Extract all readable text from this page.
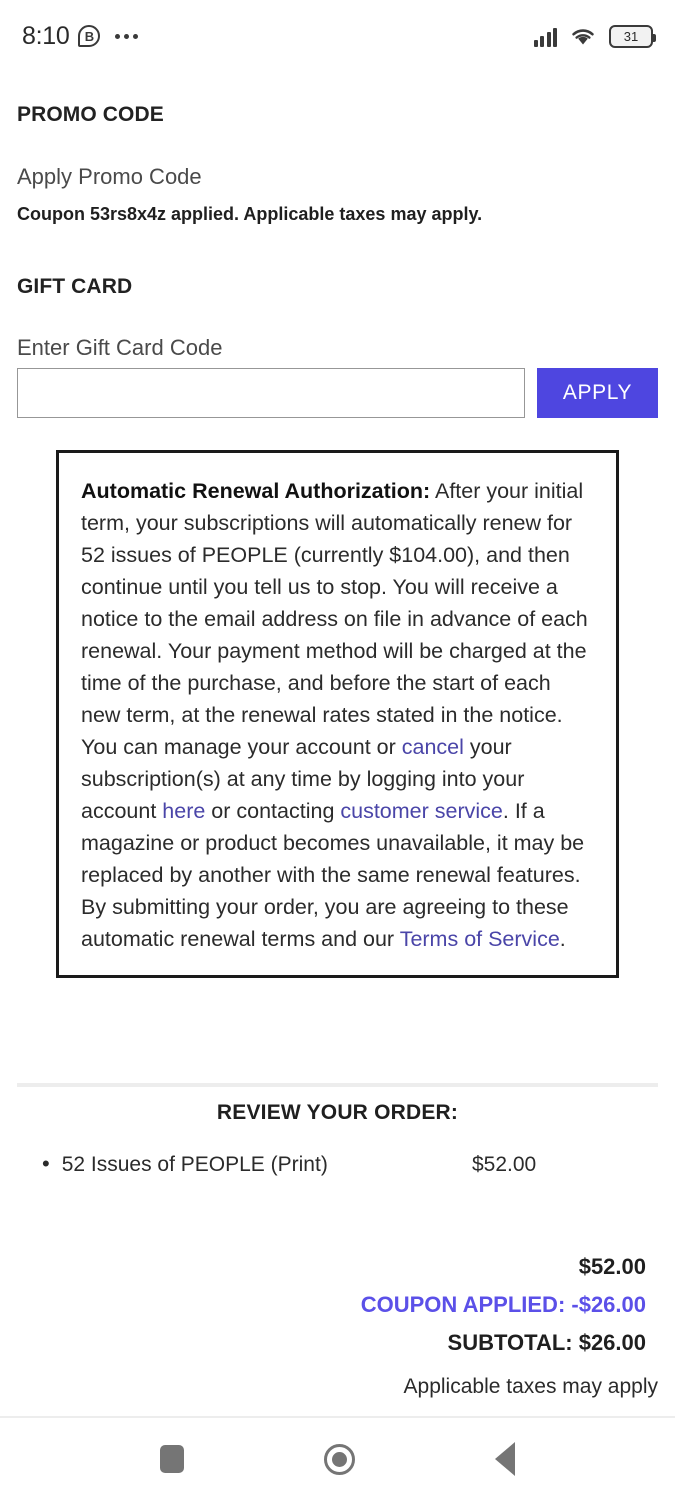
8:10	B	31
PROMO CODE

Apply Promo Code

Coupon 53rs8x4z applied. Applicable taxes may apply.

GIFT CARD

Enter Gift Card Code

APPLY

Automatic Renewal Authorization: After your initial term, your subscriptions will automatically renew for 52 issues of PEOPLE (currently $104.00), and then continue until you tell us to stop. You will receive a notice to the email address on file in advance of each renewal. Your payment method will be charged at the time of the purchase, and before the start of each new term, at the renewal rates stated in the notice. You can manage your account or cancel your subscription(s) at any time by logging into your account here or contacting customer service. If a magazine or product becomes unavailable, it may be replaced by another with the same renewal features. By submitting your order, you are agreeing to these automatic renewal terms and our Terms of Service.

REVIEW YOUR ORDER:
• 52 Issues of PEOPLE (Print)	$52.00
$52.00
COUPON APPLIED: -$26.00
SUBTOTAL: $26.00
Applicable taxes may apply
